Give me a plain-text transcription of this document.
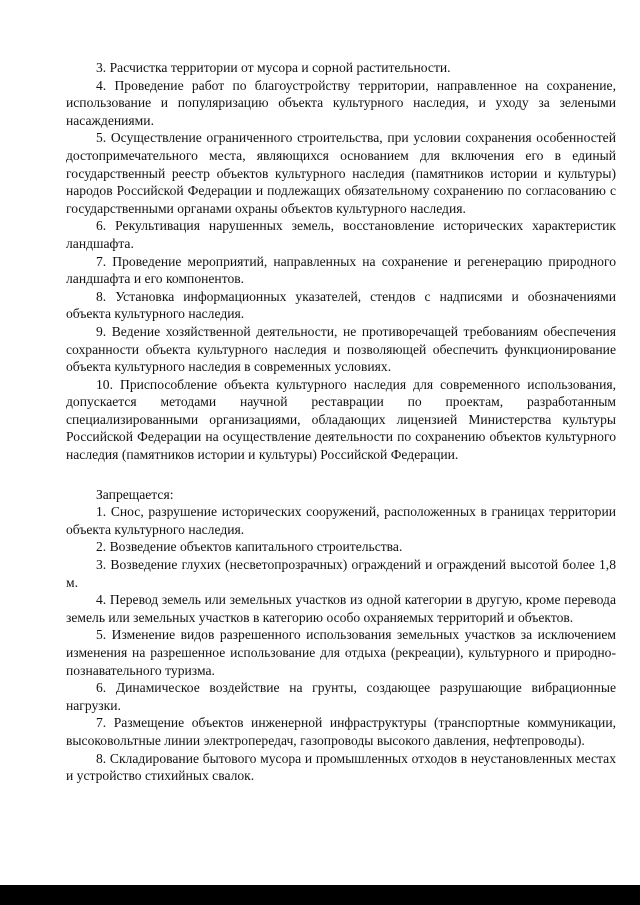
3. Расчистка территории от мусора и сорной растительности.

4. Проведение работ по благоустройству территории, направленное на сохранение, использование и популяризацию объекта культурного наследия, и уходу за зелеными насаждениями.

5. Осуществление ограниченного строительства, при условии сохранения особенностей достопримечательного места, являющихся основанием для включения его в единый государственный реестр объектов культурного наследия (памятников истории и культуры) народов Российской Федерации и подлежащих обязательному сохранению по согласованию с государственными органами охраны объектов культурного наследия.

6. Рекультивация нарушенных земель, восстановление исторических характеристик ландшафта.

7. Проведение мероприятий, направленных на сохранение и регенерацию природного ландшафта и его компонентов.

8. Установка информационных указателей, стендов с надписями и обозначениями объекта культурного наследия.

9. Ведение хозяйственной деятельности, не противоречащей требованиям обеспечения сохранности объекта культурного наследия и позволяющей обеспечить функционирование объекта культурного наследия в современных условиях.

10. Приспособление объекта культурного наследия для современного использования, допускается методами научной реставрации по проектам, разработанным специализированными организациями, обладающих лицензией Министерства культуры Российской Федерации на осуществление деятельности по сохранению объектов культурного наследия (памятников истории и культуры) Российской Федерации.

Запрещается:

1. Снос, разрушение исторических сооружений, расположенных в границах территории объекта культурного наследия.

2. Возведение объектов капитального строительства.

3. Возведение глухих (несветопрозрачных) ограждений и ограждений высотой более 1,8 м.

4. Перевод земель или земельных участков из одной категории в другую, кроме перевода земель или земельных участков в категорию особо охраняемых территорий и объектов.

5. Изменение видов разрешенного использования земельных участков за исключением изменения на разрешенное использование для отдыха (рекреации), культурного и природно-познавательного туризма.

6. Динамическое воздействие на грунты, создающее разрушающие вибрационные нагрузки.

7. Размещение объектов инженерной инфраструктуры (транспортные коммуникации, высоковольтные линии электропередач, газопроводы высокого давления, нефтепроводы).

8. Складирование бытового мусора и промышленных отходов в неустановленных местах и устройство стихийных свалок.
